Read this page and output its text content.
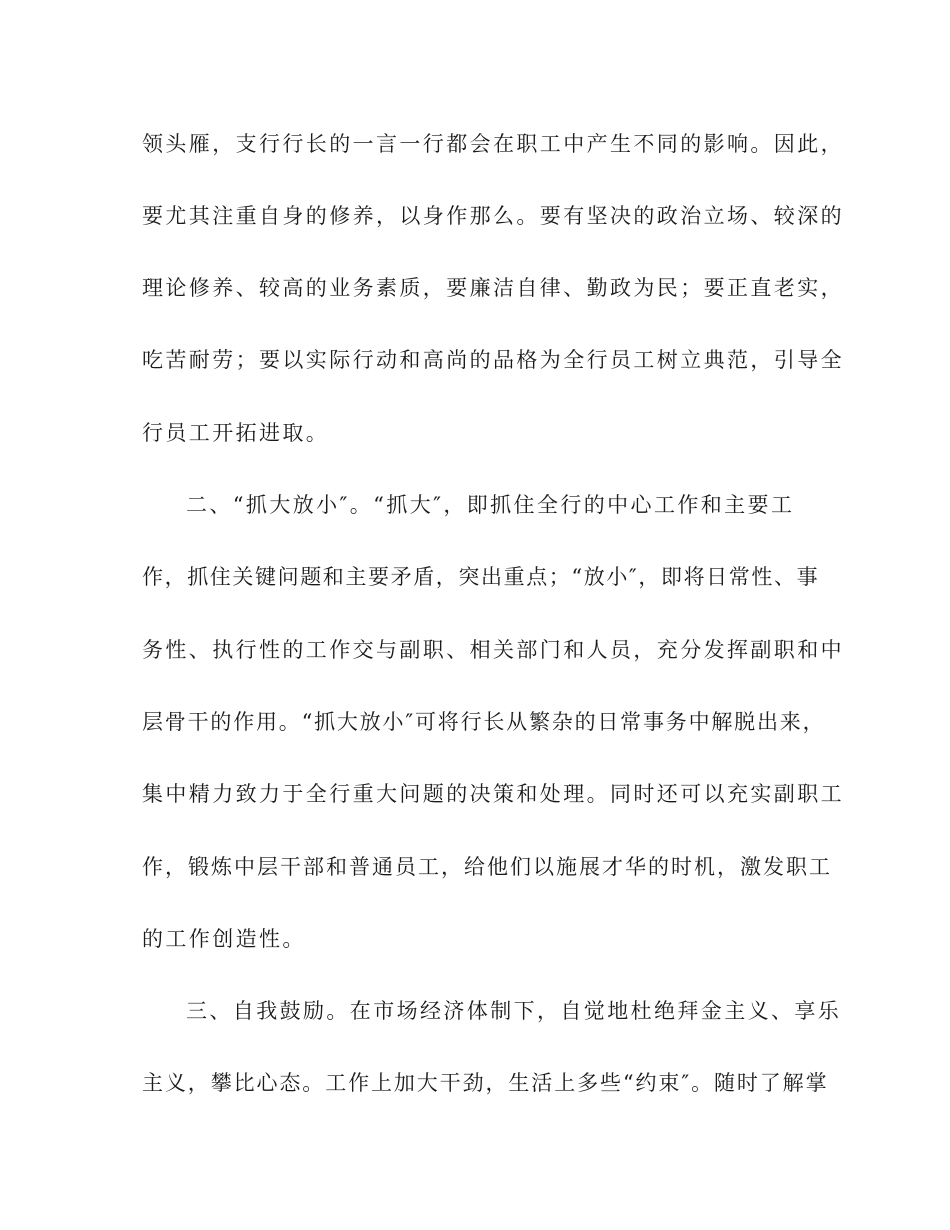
领头雁，支行行长的一言一行都会在职工中产生不同的影响。因此，

要尤其注重自身的修养，以身作那么。要有坚决的政治立场、较深的

理论修养、较高的业务素质，要廉洁自律、勤政为民；要正直老实，

吃苦耐劳；要以实际行动和高尚的品格为全行员工树立典范，引导全

行员工开拓进取。

二、“抓大放小″。“抓大″，即抓住全行的中心工作和主要工

作，抓住关键问题和主要矛盾，突出重点；“放小″，即将日常性、事

务性、执行性的工作交与副职、相关部门和人员，充分发挥副职和中

层骨干的作用。“抓大放小″可将行长从繁杂的日常事务中解脱出来，

集中精力致力于全行重大问题的决策和处理。同时还可以充实副职工

作，锻炼中层干部和普通员工，给他们以施展才华的时机，激发职工

的工作创造性。

三、自我鼓励。在市场经济体制下，自觉地杜绝拜金主义、享乐

主义，攀比心态。工作上加大干劲，生活上多些“约束″。随时了解掌
